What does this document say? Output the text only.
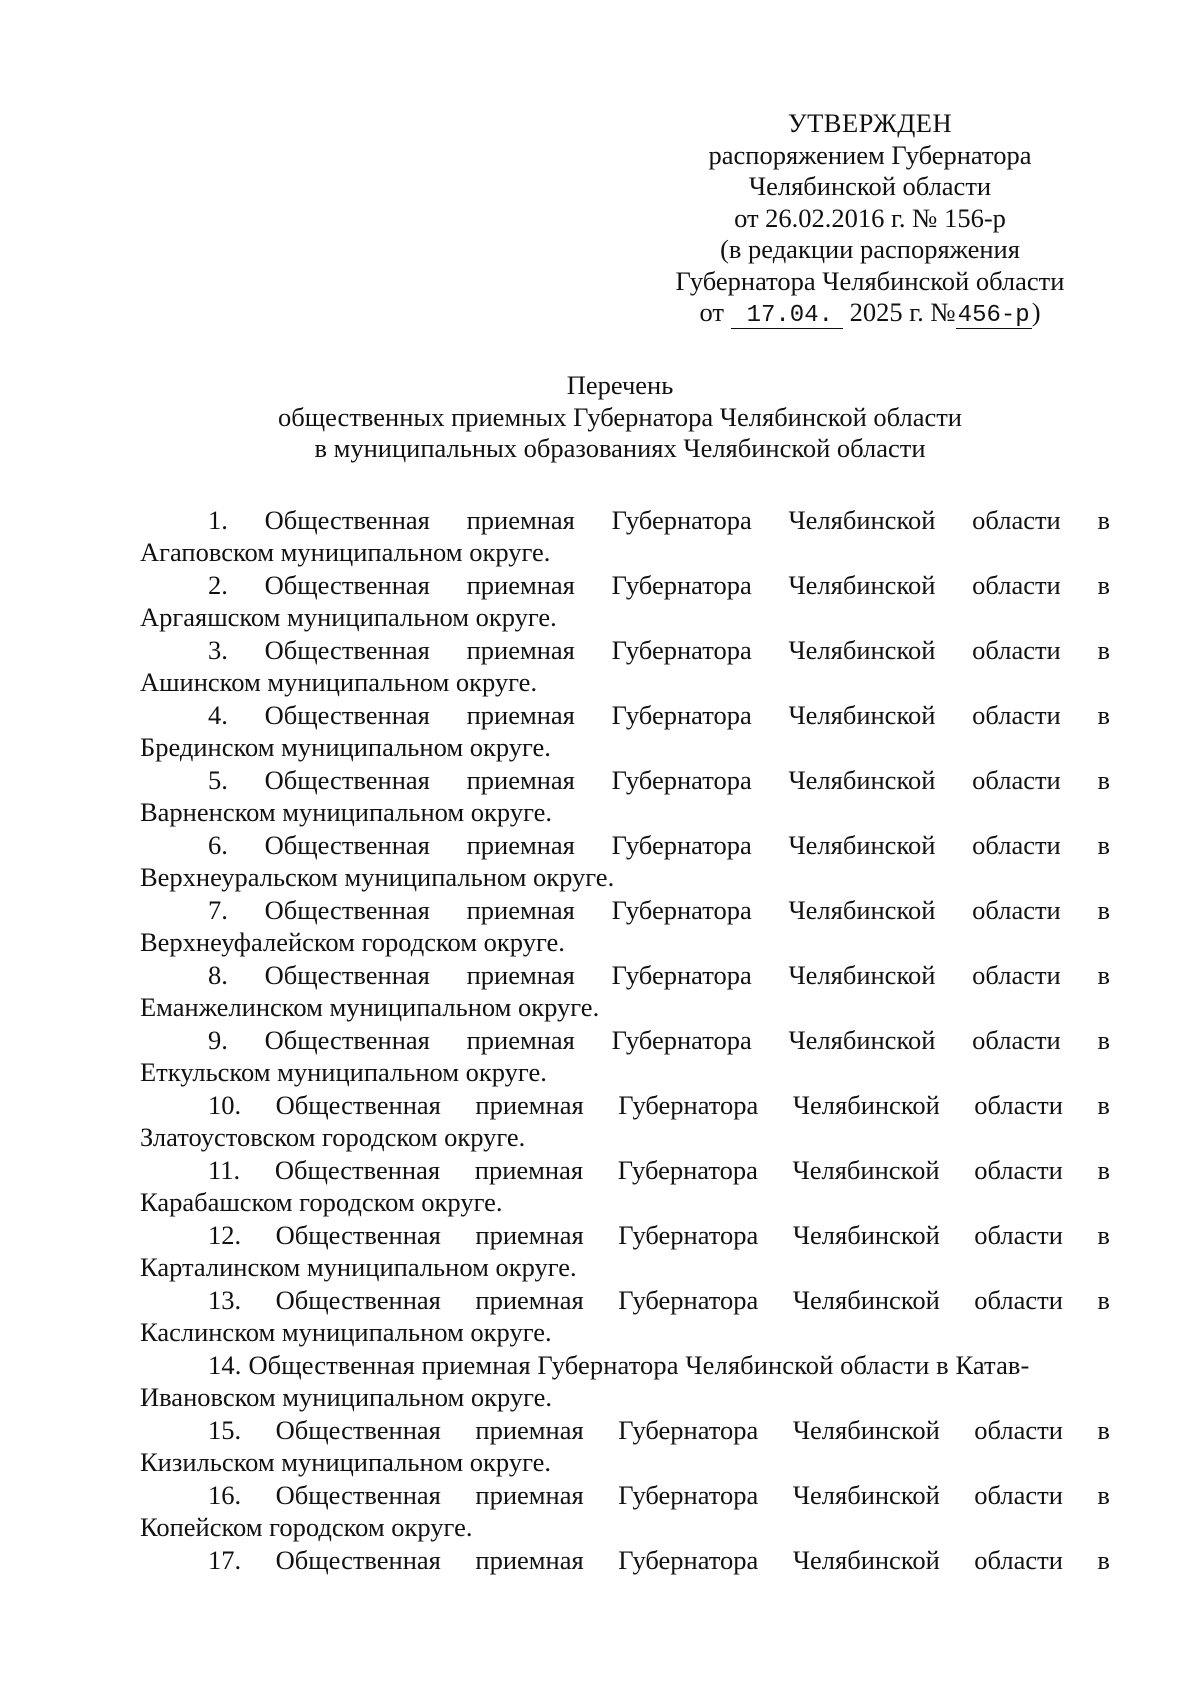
УТВЕРЖДЕН
распоряжением Губернатора
Челябинской области
от 26.02.2016 г. № 156-р
(в редакции распоряжения
Губернатора Челябинской области
от 17.04. 2025 г. №456-р)
Перечень
общественных приемных Губернатора Челябинской области
в муниципальных образованиях Челябинской области
1. Общественная приемная Губернатора Челябинской области в
Агаповском муниципальном округе.
2. Общественная приемная Губернатора Челябинской области в
Аргаяшском муниципальном округе.
3. Общественная приемная Губернатора Челябинской области в
Ашинском муниципальном округе.
4. Общественная приемная Губернатора Челябинской области в
Брединском муниципальном округе.
5. Общественная приемная Губернатора Челябинской области в
Варненском муниципальном округе.
6. Общественная приемная Губернатора Челябинской области в
Верхнеуральском муниципальном округе.
7. Общественная приемная Губернатора Челябинской области в
Верхнеуфалейском городском округе.
8. Общественная приемная Губернатора Челябинской области в
Еманжелинском муниципальном округе.
9. Общественная приемная Губернатора Челябинской области в
Еткульском муниципальном округе.
10. Общественная приемная Губернатора Челябинской области в
Златоустовском городском округе.
11. Общественная приемная Губернатора Челябинской области в
Карабашском городском округе.
12. Общественная приемная Губернатора Челябинской области в
Карталинском муниципальном округе.
13. Общественная приемная Губернатора Челябинской области в
Каслинском муниципальном округе.
14. Общественная приемная Губернатора Челябинской области в Катав-
Ивановском муниципальном округе.
15. Общественная приемная Губернатора Челябинской области в
Кизильском муниципальном округе.
16. Общественная приемная Губернатора Челябинской области в
Копейском городском округе.
17. Общественная приемная Губернатора Челябинской области в
